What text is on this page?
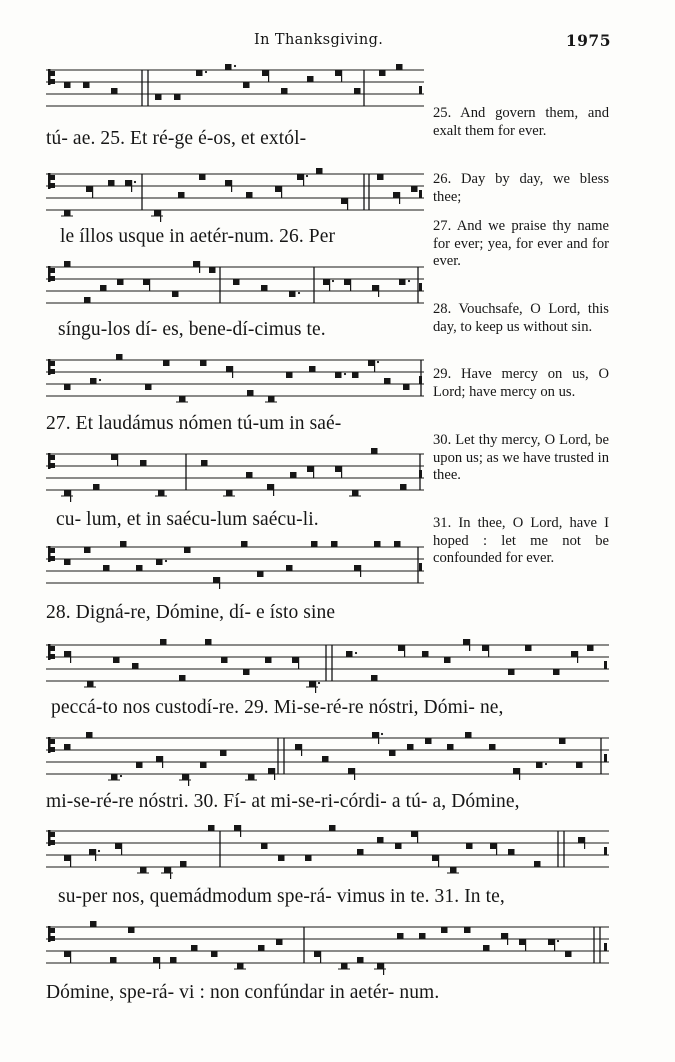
In Thanksgiving.	1975
tú- ae. 25. Et ré-ge é-os, et extól-
le íllos usque in aetér-num. 26. Per
síngu-los dí- es, bene-dí-cimus te.
27. Et laudámus nómen tú-um in saé-
cu- lum, et in saécu-lum saécu-li.
28. Digná-re, Dómine, dí- e ísto sine
peccá-to nos custodí-re. 29. Mi-se-ré-re nóstri, Dómi- ne,
mi-se-ré-re nóstri. 30. Fí- at mi-se-ri-córdi- a tú- a, Dómine,
su-per nos, quemádmodum spe-rá- vimus in te. 31. In te,
Dómine, spe-rá- vi : non confúndar in aetér- num.
25. And govern them, and exalt them for ever.
26. Day by day, we bless thee;
27. And we praise thy name for ever; yea, for ever and for ever.
28. Vouchsafe, O Lord, this day, to keep us without sin.
29. Have mercy on us, O Lord; have mercy on us.
30. Let thy mercy, O Lord, be upon us; as we have trusted in thee.
31. In thee, O Lord, have I hoped : let me not be confounded for ever.
